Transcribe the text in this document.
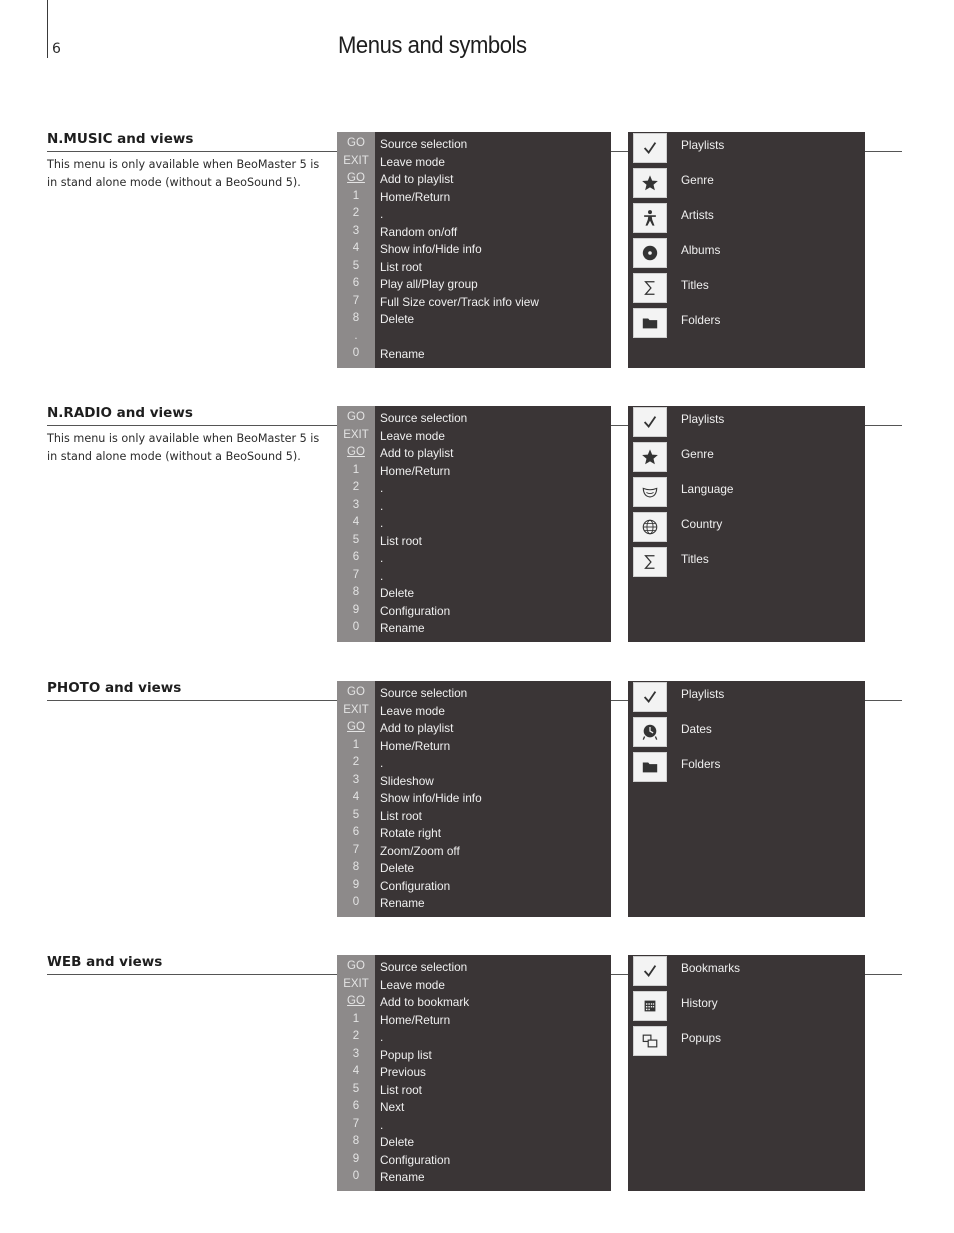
6	Menus and symbols
N.MUSIC and views

This menu is only available when BeoMaster 5 is in stand alone mode (without a BeoSound 5).

GO	Source selection
EXIT Leave mode
GO	Add to playlist
1	Home/Return
2	.
3	Random on/off
4	Show info/Hide info
5	List root
6	Play all/Play group
7	Full Size cover/Track info view
8	Delete
.
0	Rename
Playlists
Genre
Artists
Albums
Titles
Folders
N.RADIO and views

This menu is only available when BeoMaster 5 is in stand alone mode (without a BeoSound 5).

GO	Source selection
EXIT Leave mode
GO	Add to playlist
1	Home/Return
2	.
3	.
4	.
5	List root
6	.
7	.
8	Delete
9	Configuration
0	Rename
Playlists
Genre
Language
Country
Titles
PHOTO and views	GO	Source selection
EXIT Leave mode
GO	Add to playlist
1	Home/Return
2	.
3	Slideshow
4	Show info/Hide info
5	List root
6	Rotate right
7	Zoom/Zoom off
8	Delete
9	Configuration
0	Rename
Playlists
Dates
Folders
WEB and views	GO	Source selection
EXIT Leave mode
GO	Add to bookmark
1	Home/Return
2	.
3	Popup list
4	Previous
5	List root
6	Next
7	.
8	Delete
9	Configuration
0	Rename
Bookmarks
History
Popups
